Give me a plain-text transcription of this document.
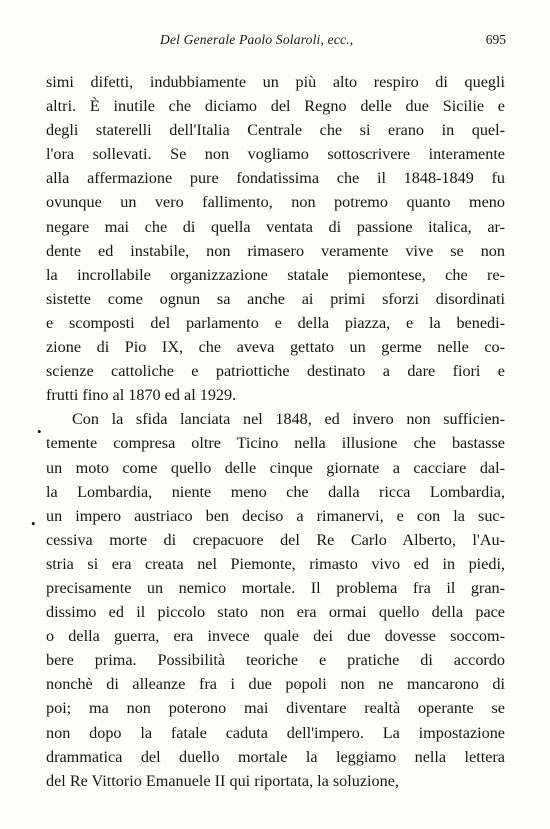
Del Generale Paolo Solaroli, ecc.,	695

simi difetti, indubbiamente un più alto respiro di quegli
altri. È inutile che diciamo del Regno delle due Sicilie e
degli staterelli dell'Italia Centrale che si erano in quel-
l'ora sollevati. Se non vogliamo sottoscrivere interamente
alla affermazione pure fondatissima che il 1848-1849 fu
ovunque un vero fallimento, non potremo quanto meno
negare mai che di quella ventata di passione italica, ar-
dente ed instabile, non rimasero veramente vive se non
la incrollabile organizzazione statale piemontese, che re-
sistette come ognun sa anche ai primi sforzi disordinati
e scomposti del parlamento e della piazza, e la benedi-
zione di Pio IX, che aveva gettato un germe nelle co-
scienze cattoliche e patriottiche destinato a dare fiori e
frutti fino al 1870 ed al 1929.

Con la sfida lanciata nel 1848, ed invero non sufficien-
temente compresa oltre Ticino nella illusione che bastasse
un moto come quello delle cinque giornate a cacciare dal-
la Lombardia, niente meno che dalla ricca Lombardia,
un impero austriaco ben deciso a rimanervi, e con la suc-
cessiva morte di crepacuore del Re Carlo Alberto, l'Au-
stria si era creata nel Piemonte, rimasto vivo ed in piedi,
precisamente un nemico mortale. Il problema fra il gran-
dissimo ed il piccolo stato non era ormai quello della pace
o della guerra, era invece quale dei due dovesse soccom-
bere prima. Possibilità teoriche e pratiche di accordo
nonchè di alleanze fra i due popoli non ne mancarono di
poi; ma non poterono mai diventare realtà operante se
non dopo la fatale caduta dell'impero. La impostazione
drammatica del duello mortale la leggiamo nella lettera
del Re Vittorio Emanuele II qui riportata, la soluzione,

•
•
